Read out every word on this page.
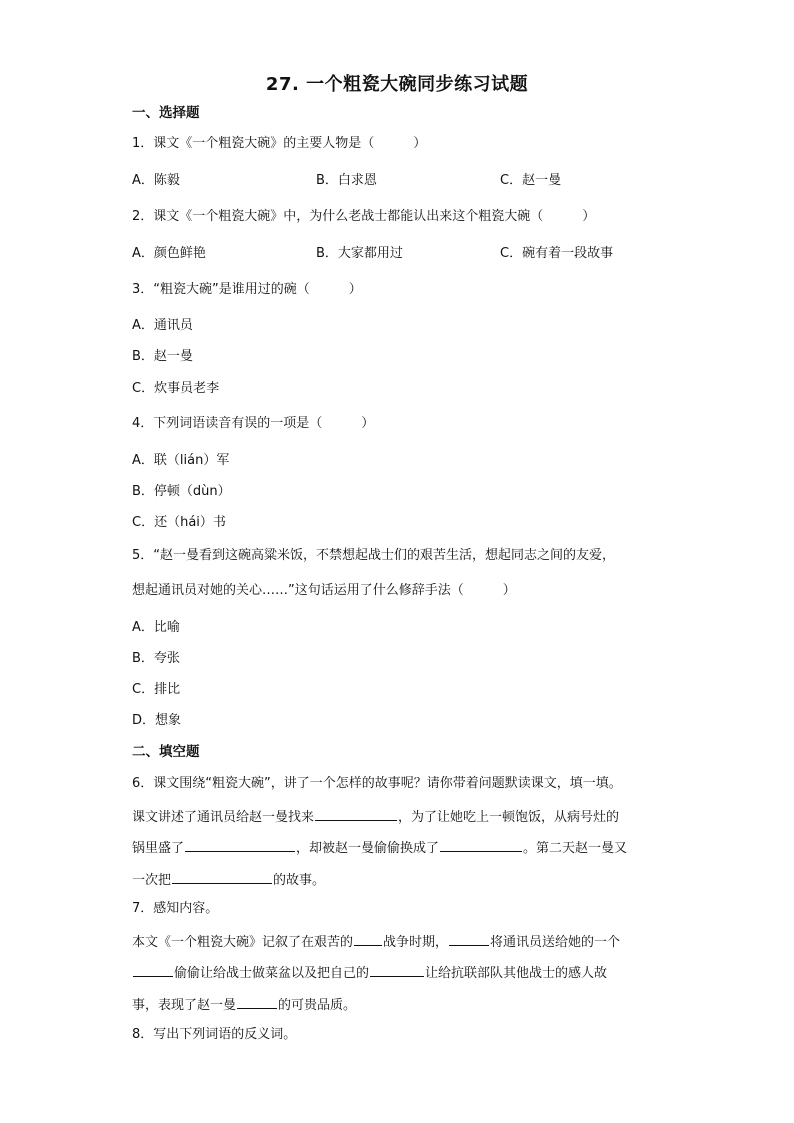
27. 一个粗瓷大碗同步练习试题
一、选择题
1．课文《一个粗瓷大碗》的主要人物是（　　　）
A．陈毅	B．白求恩	C．赵一曼
2．课文《一个粗瓷大碗》中，为什么老战士都能认出来这个粗瓷大碗（　　　）
A．颜色鲜艳	B．大家都用过	C．碗有着一段故事
3．“粗瓷大碗”是谁用过的碗（　　　）
A．通讯员
B．赵一曼
C．炊事员老李
4．下列词语读音有误的一项是（　　　）
A．联（lián）军
B．停顿（dùn）
C．还（hái）书
5．“赵一曼看到这碗高粱米饭，不禁想起战士们的艰苦生活，想起同志之间的友爱，
想起通讯员对她的关心……”这句话运用了什么修辞手法（　　　）
A．比喻
B．夸张
C．排比
D．想象
二、填空题
6．课文围绕“粗瓷大碗”，讲了一个怎样的故事呢？请你带着问题默读课文，填一填。
课文讲述了通讯员给赵一曼找来	，为了让她吃上一顿饱饭，从病号灶的
锅里盛了	，却被赵一曼偷偷换成了	。第二天赵一曼又
一次把	的故事。
7．感知内容。
本文《一个粗瓷大碗》记叙了在艰苦的 战争时期，	将通讯员送给她的一个
偷偷让给战士做菜盆以及把自己的	让给抗联部队其他战士的感人故
事，表现了赵一曼	的可贵品质。
8．写出下列词语的反义词。
